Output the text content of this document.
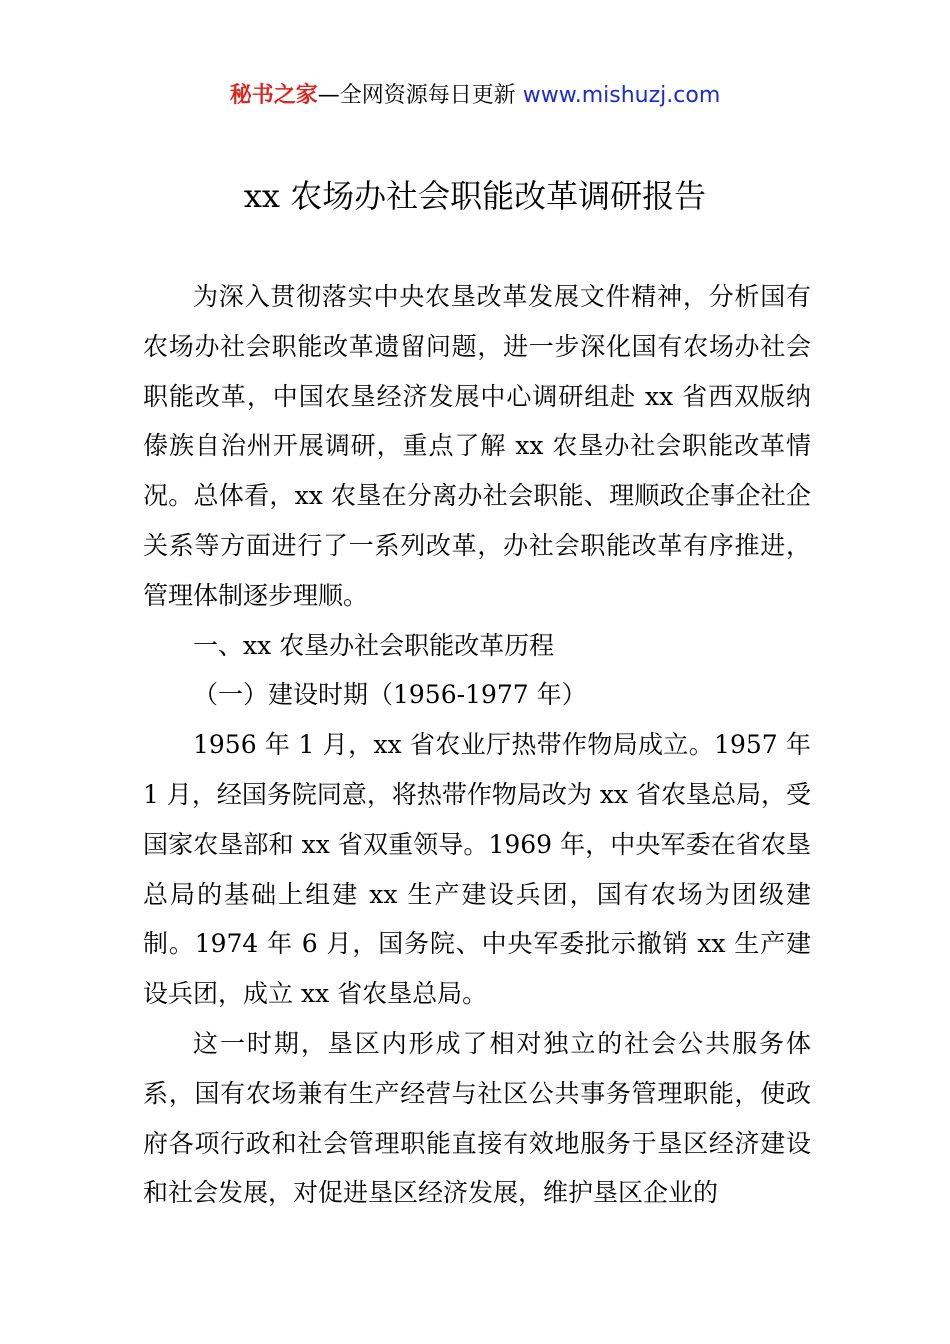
秘书之家—全网资源每日更新 www.mishuzj.com
xx 农场办社会职能改革调研报告

为深入贯彻落实中央农垦改革发展文件精神，分析国有农场办社会职能改革遗留问题，进一步深化国有农场办社会职能改革，中国农垦经济发展中心调研组赴 xx 省西双版纳傣族自治州开展调研，重点了解 xx 农垦办社会职能改革情况。总体看，xx 农垦在分离办社会职能、理顺政企事企社企关系等方面进行了一系列改革，办社会职能改革有序推进，管理体制逐步理顺。

一、xx 农垦办社会职能改革历程

（一）建设时期（1956-1977 年）

1956 年 1 月，xx 省农业厅热带作物局成立。1957 年 1 月，经国务院同意，将热带作物局改为 xx 省农垦总局，受国家农垦部和 xx 省双重领导。1969 年，中央军委在省农垦总局的基础上组建 xx 生产建设兵团，国有农场为团级建制。1974 年 6 月，国务院、中央军委批示撤销 xx 生产建设兵团，成立 xx 省农垦总局。

这一时期，垦区内形成了相对独立的社会公共服务体系，国有农场兼有生产经营与社区公共事务管理职能，使政府各项行政和社会管理职能直接有效地服务于垦区经济建设和社会发展，对促进垦区经济发展，维护垦区企业的
